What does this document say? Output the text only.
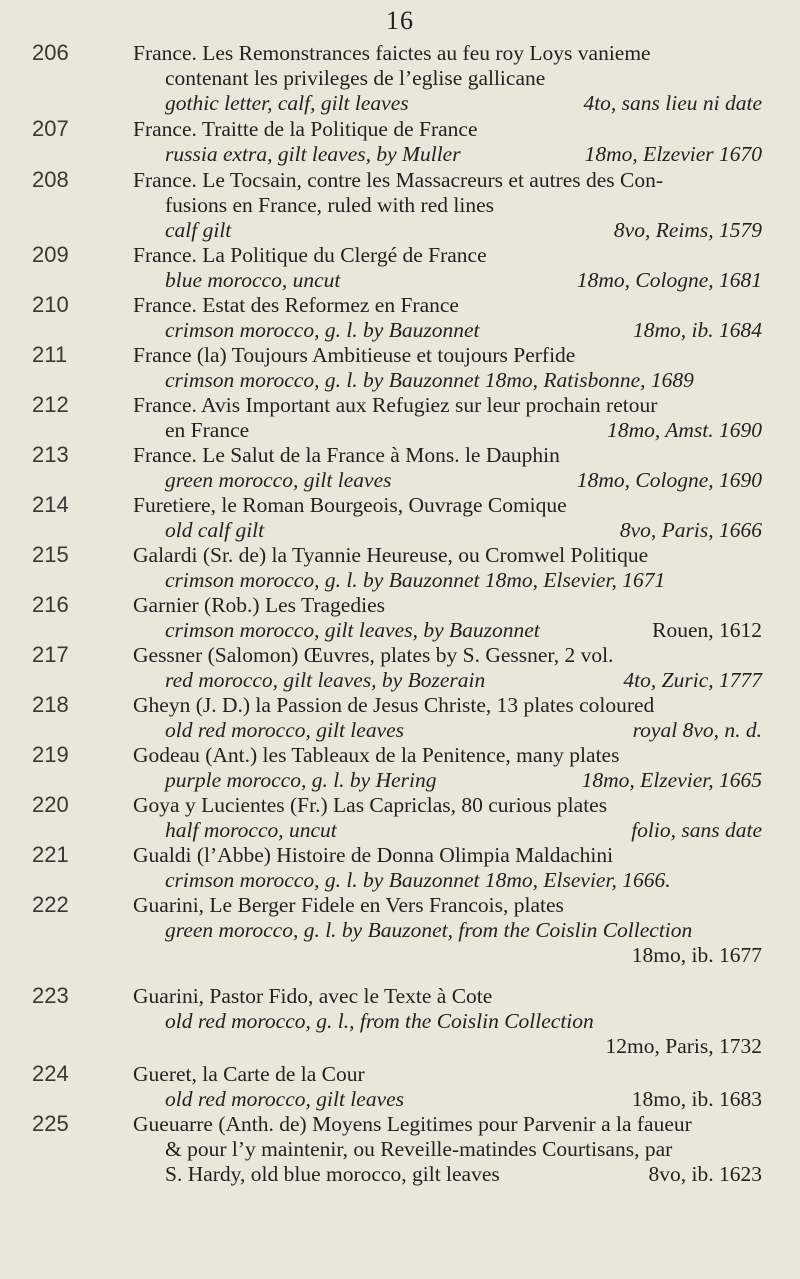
16
206	France. Les Remonstrances faictes au feu roy Loys vanieme
contenant les privileges de l’eglise gallicane
gothic letter, calf, gilt leaves	4to, sans lieu ni date
207	France. Traitte de la Politique de France
russia extra, gilt leaves, by Muller	18mo, Elzevier 1670
208	France. Le Tocsain, contre les Massacreurs et autres des Con-
fusions en France, ruled with red lines
calf gilt	8vo, Reims, 1579
209	France. La Politique du Clergé de France
blue morocco, uncut	18mo, Cologne, 1681
210	France. Estat des Reformez en France
crimson morocco, g. l. by Bauzonnet	18mo, ib. 1684
211	France (la) Toujours Ambitieuse et toujours Perfide
crimson morocco, g. l. by Bauzonnet 18mo, Ratisbonne, 1689
212	France. Avis Important aux Refugiez sur leur prochain retour
en France	18mo, Amst. 1690
213	France. Le Salut de la France à Mons. le Dauphin
green morocco, gilt leaves	18mo, Cologne, 1690
214	Furetiere, le Roman Bourgeois, Ouvrage Comique
old calf gilt	8vo, Paris, 1666
215	Galardi (Sr. de) la Tyannie Heureuse, ou Cromwel Politique
crimson morocco, g. l. by Bauzonnet 18mo, Elsevier, 1671
216	Garnier (Rob.) Les Tragedies
crimson morocco, gilt leaves, by Bauzonnet	Rouen, 1612
217	Gessner (Salomon) Œuvres, plates by S. Gessner, 2 vol.
red morocco, gilt leaves, by Bozerain	4to, Zuric, 1777
218	Gheyn (J. D.) la Passion de Jesus Christe, 13 plates coloured
old red morocco, gilt leaves	royal 8vo, n. d.
219	Godeau (Ant.) les Tableaux de la Penitence, many plates
purple morocco, g. l. by Hering	18mo, Elzevier, 1665
220	Goya y Lucientes (Fr.) Las Capriclas, 80 curious plates
half morocco, uncut	folio, sans date
221	Gualdi (l’Abbe) Histoire de Donna Olimpia Maldachini
crimson morocco, g. l. by Bauzonnet 18mo, Elsevier, 1666.
222	Guarini, Le Berger Fidele en Vers Francois, plates
green morocco, g. l. by Bauzonet, from the Coislin Collection
18mo, ib. 1677
223	Guarini, Pastor Fido, avec le Texte à Cote
old red morocco, g. l., from the Coislin Collection
12mo, Paris, 1732
224	Gueret, la Carte de la Cour
old red morocco, gilt leaves	18mo, ib. 1683
225	Gueuarre (Anth. de) Moyens Legitimes pour Parvenir a la faueur
& pour l’y maintenir, ou Reveille-matindes Courtisans, par
S. Hardy, old blue morocco, gilt leaves	8vo, ib. 1623
